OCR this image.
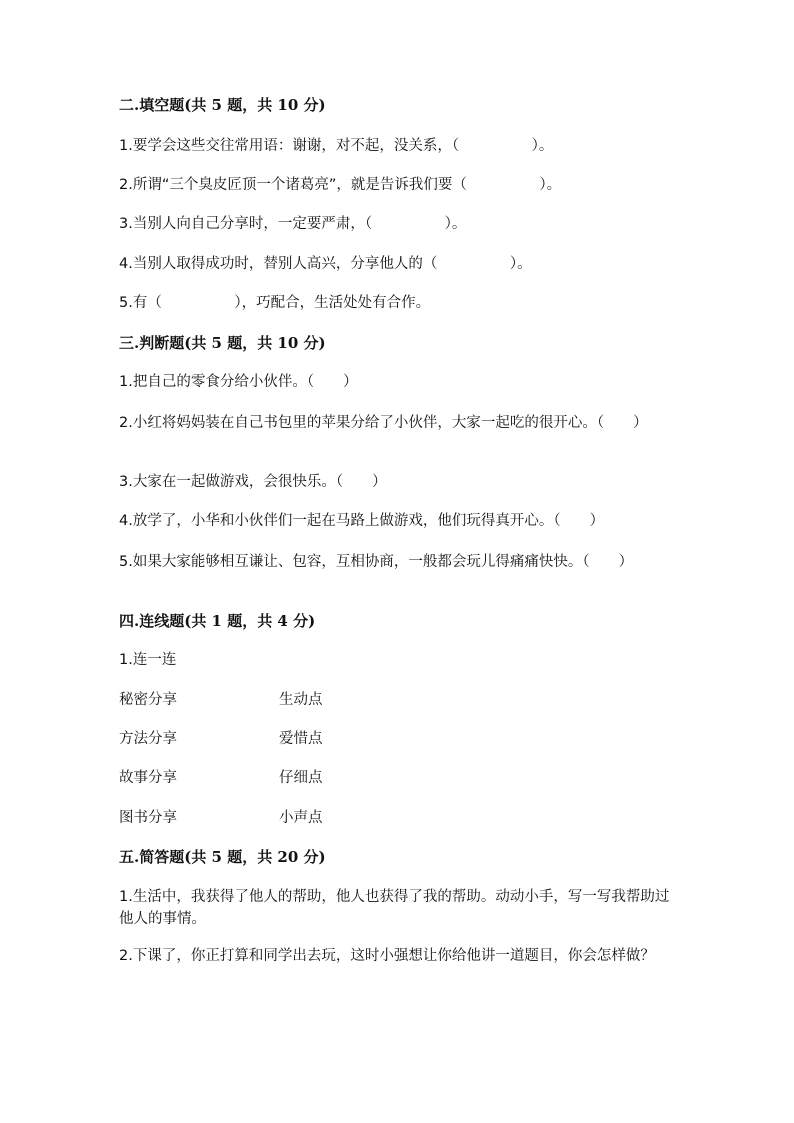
二.填空题(共 5 题，共 10 分)
1.要学会这些交往常用语：谢谢，对不起，没关系，（　　　　　）。
2.所谓“三个臭皮匠顶一个诸葛亮”，就是告诉我们要（　　　　　）。
3.当别人向自己分享时，一定要严肃，（　　　　　）。
4.当别人取得成功时，替别人高兴，分享他人的（　　　　　）。
5.有（　　　　　），巧配合，生活处处有合作。
三.判断题(共 5 题，共 10 分)
1.把自己的零食分给小伙伴。（　　）
2.小红将妈妈装在自己书包里的苹果分给了小伙伴，大家一起吃的很开心。（　　）
3.大家在一起做游戏，会很快乐。（　　）
4.放学了，小华和小伙伴们一起在马路上做游戏，他们玩得真开心。（　　）
5.如果大家能够相互谦让、包容，互相协商，一般都会玩儿得痛痛快快。（　　）
四.连线题(共 1 题，共 4 分)
1.连一连
秘密分享	生动点
方法分享	爱惜点
故事分享	仔细点
图书分享	小声点
五.简答题(共 5 题，共 20 分)
1.生活中，我获得了他人的帮助，他人也获得了我的帮助。动动小手，写一写我帮助过他人的事情。
2.下课了，你正打算和同学出去玩，这时小强想让你给他讲一道题目，你会怎样做？
